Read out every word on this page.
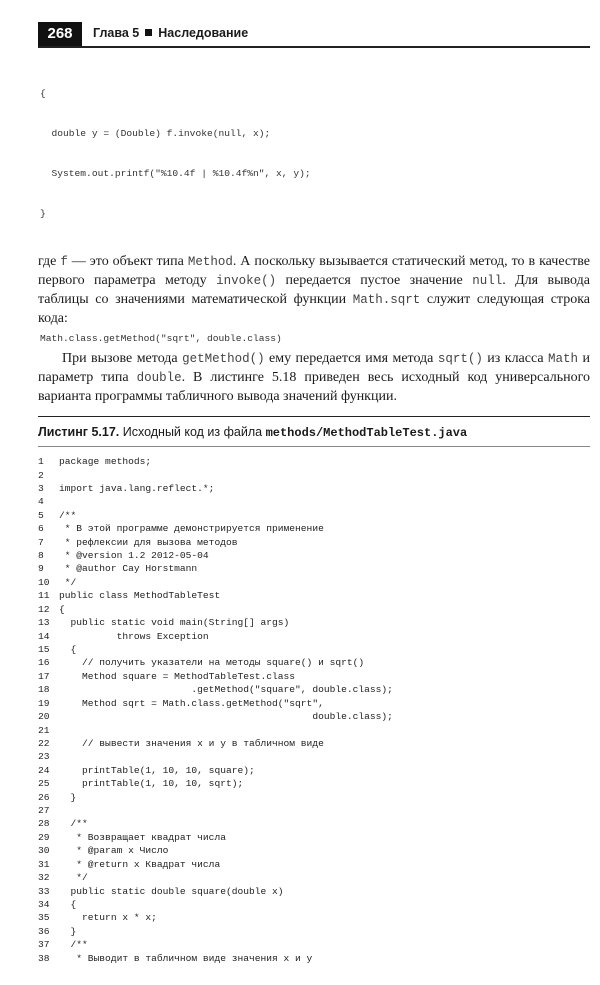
268	Глава 5 Наследование

{

double y = (Double) f.invoke(null, x);

System.out.printf("%10.4f | %10.4f%n", x, y);

}

где f — это объект типа Method. А поскольку вызывается статический метод, то в качестве первого параметра методу invoke() передается пустое значение null. Для вывода таблицы со значениями математической функции Math.sqrt служит следующая строка кода:
Math.class.getMethod("sqrt", double.class)
При вызове метода getMethod() ему передается имя метода sqrt() из класса Math и параметр типа double. В листинге 5.18 приведен весь исходный код универсального варианта программы табличного вывода значений функции.
Листинг 5.17. Исходный код из файла methods/MethodTableTest.java
1 package methods;
2
3 import java.lang.reflect.*;
4
5 /**
6 * В этой программе демонстрируется применение
7 * рефлексии для вызова методов
8 * @version 1.2 2012-05-04
9 * @author Cay Horstmann
10 */
11 public class MethodTableTest
12 {
13  public static void main(String[] args)
14          throws Exception
15  {
16    // получить указатели на методы square() и sqrt()
17    Method square = MethodTableTest.class
18                       .getMethod("square", double.class);
19    Method sqrt = Math.class.getMethod("sqrt",
20                                            double.class);
21
22    // вывести значения x и y в табличном виде
23
24    printTable(1, 10, 10, square);
25    printTable(1, 10, 10, sqrt);
26  }
27
28  /**
29   * Возвращает квадрат числа
30   * @param x Число
31   * @return x Квадрат числа
32   */
33  public static double square(double x)
34  {
35    return x * x;
36  }
37  /**
38   * Выводит в табличном виде значения x и y
